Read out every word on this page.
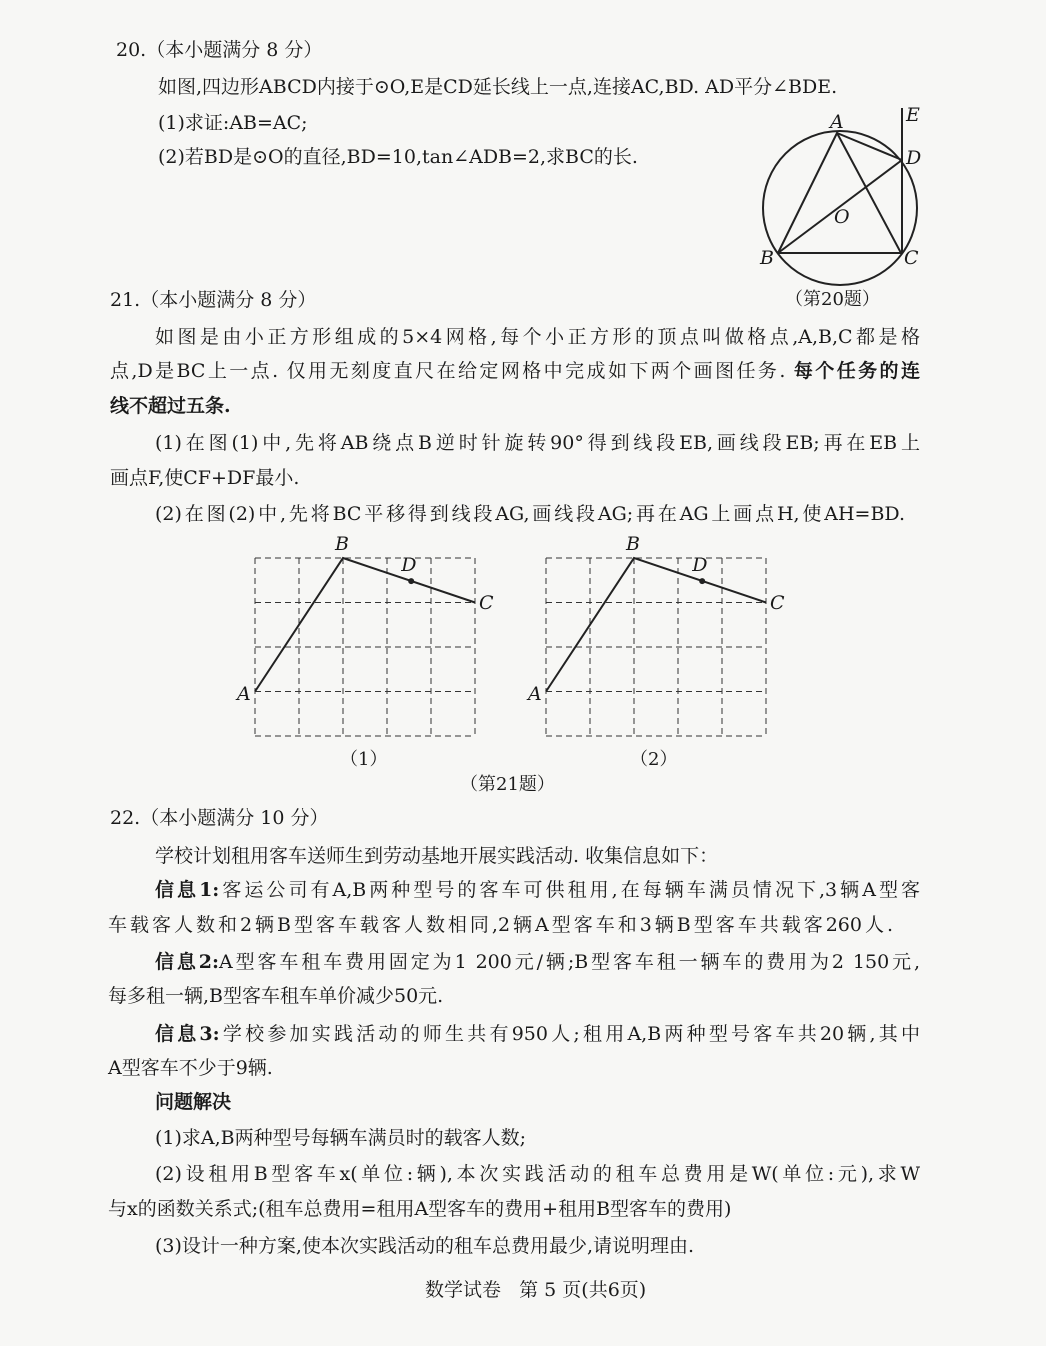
20.（本小题满分 8 分）
如图,四边形ABCD内接于⊙O,E是CD延长线上一点,连接AC,BD. AD平分∠BDE.
(1)求证:AB=AC;
(2)若BD是⊙O的直径,BD=10,tan∠ADB=2,求BC的长.
A	E
D
O
B	C
（第20题）
21.（本小题满分 8 分）
如图是由小正方形组成的5×4网格,每个小正方形的顶点叫做格点,A,B,C都是格
点,D是BC上一点. 仅用无刻度直尺在给定网格中完成如下两个画图任务. 每个任务的连
线不超过五条.
(1)在图(1)中,先将AB绕点B逆时针旋转90°得到线段EB,画线段EB;再在EB上
画点F,使CF+DF最小.
(2)在图(2)中,先将BC平移得到线段AG,画线段AG;再在AG上画点H,使AH=BD.
A
B
C
D
A
B
C
D
（1）	（2）
（第21题）
22.（本小题满分 10 分）
学校计划租用客车送师生到劳动基地开展实践活动. 收集信息如下：
信息1:客运公司有A,B两种型号的客车可供租用,在每辆车满员情况下,3辆A型客
车载客人数和2辆B型客车载客人数相同,2辆A型客车和3辆B型客车共载客260人.
信息2:A型客车租车费用固定为1 200元/辆;B型客车租一辆车的费用为2 150元,
每多租一辆,B型客车租车单价减少50元.
信息3:学校参加实践活动的师生共有950人;租用A,B两种型号客车共20辆,其中
A型客车不少于9辆.
问题解决
(1)求A,B两种型号每辆车满员时的载客人数;
(2)设租用B型客车x(单位:辆),本次实践活动的租车总费用是W(单位:元),求W
与x的函数关系式;(租车总费用=租用A型客车的费用+租用B型客车的费用)
(3)设计一种方案,使本次实践活动的租车总费用最少,请说明理由.
数学试卷   第 5 页(共6页)
